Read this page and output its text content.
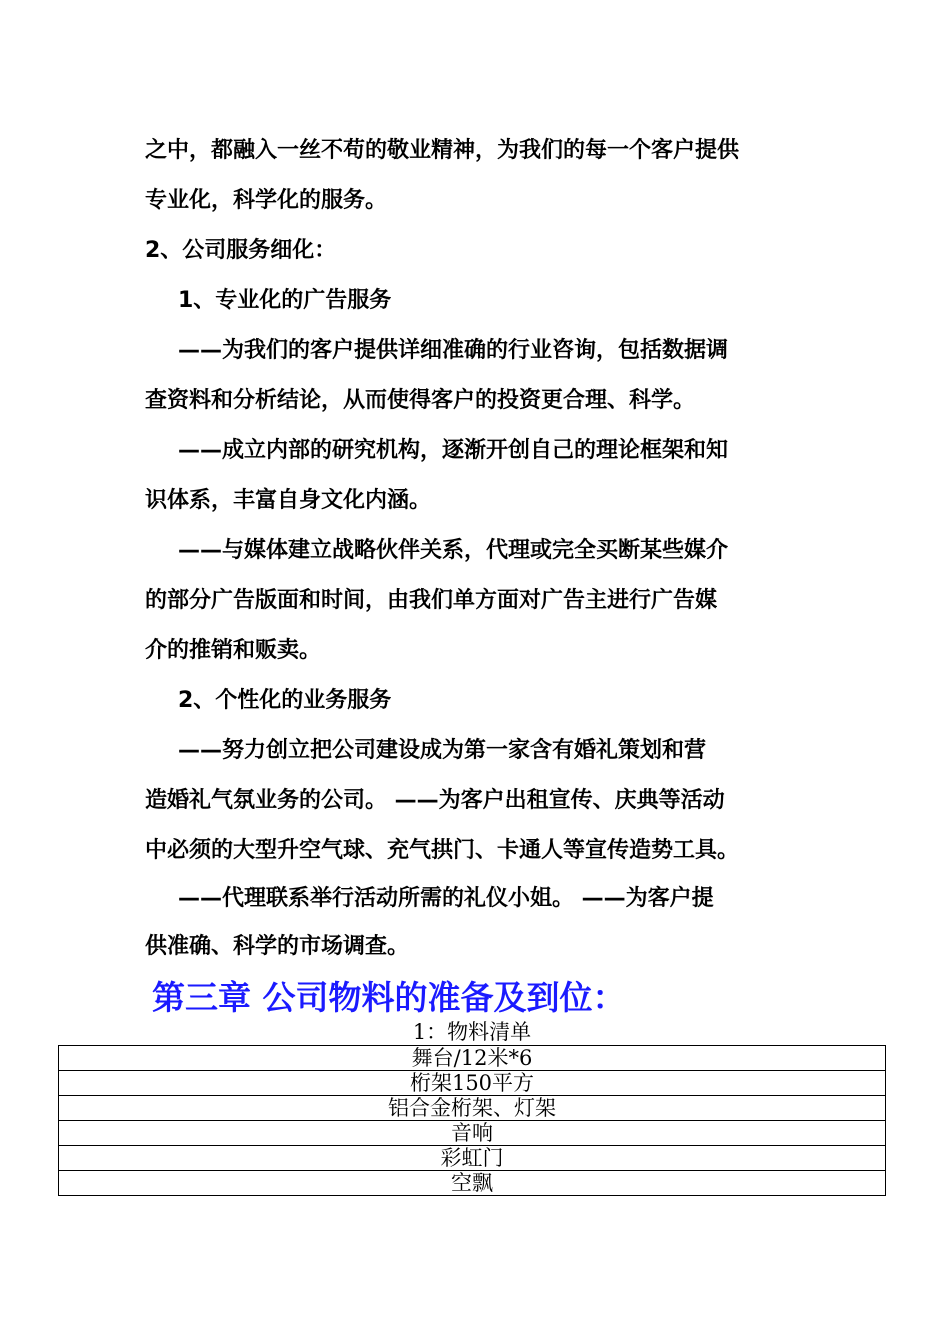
之中，都融入一丝不苟的敬业精神，为我们的每一个客户提供
专业化，科学化的服务。
2、公司服务细化：
1、专业化的广告服务
——为我们的客户提供详细准确的行业咨询，包括数据调
查资料和分析结论，从而使得客户的投资更合理、科学。
——成立内部的研究机构，逐渐开创自己的理论框架和知
识体系，丰富自身文化内涵。
——与媒体建立战略伙伴关系，代理或完全买断某些媒介
的部分广告版面和时间，由我们单方面对广告主进行广告媒
介的推销和贩卖。
2、个性化的业务服务
——努力创立把公司建设成为第一家含有婚礼策划和营
造婚礼气氛业务的公司。 ——为客户出租宣传、庆典等活动
中必须的大型升空气球、充气拱门、卡通人等宣传造势工具。
——代理联系举行活动所需的礼仪小姐。 ——为客户提
供准确、科学的市场调查。
第三章 公司物料的准备及到位：
1：物料清单
舞台/12米*6
桁架150平方
铝合金桁架、灯架
音响
彩虹门
空飘
